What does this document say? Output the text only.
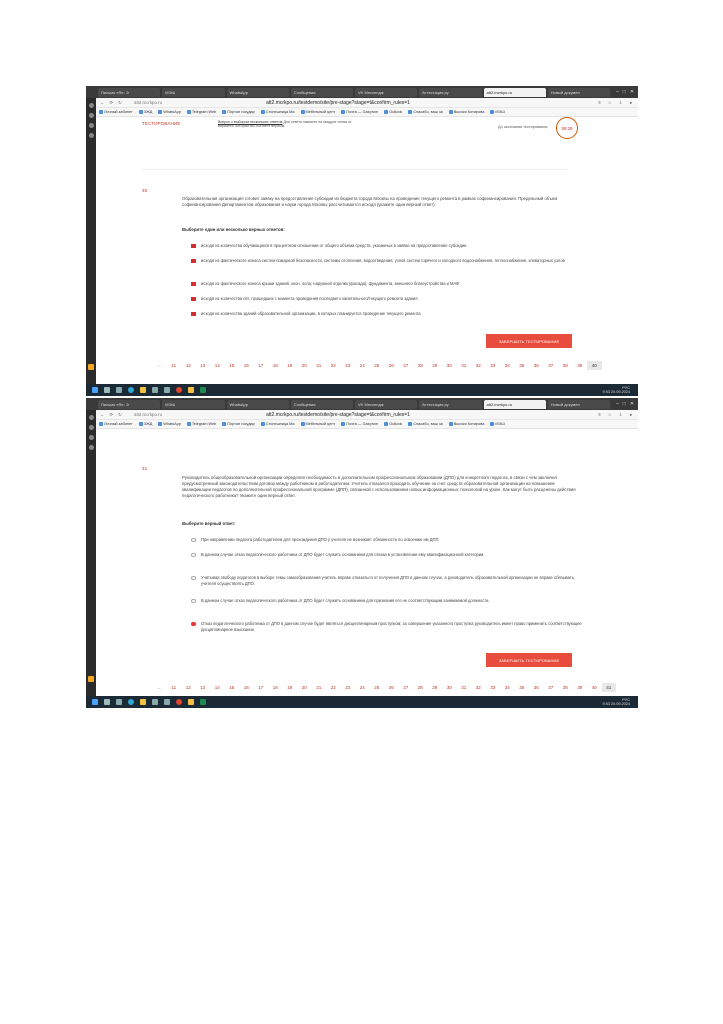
Письмо «Re: Э	МЭШ	WhatsApp	Сообщения	VK Мессендж	Аттестация ру	att2.mcrkpo.ru	Новый докумен	– □ ✕
← ⟳ ↻	att2.mcrkpo.ru	att2.mcrkpo.ru/testdemo/site/pre-stage?stage=t&confirm_rules=1	≡ ☆ ⇩ ●
Личный кабинет	ЭЖД	WhatsApp	Telegram Web	Портал государ	Столешница Ма	Мебельный цент	Почта — Gazprom	Outlook	Спасибо, ваш за	Высоко Котирова	МЭШ
ТЕСТИРОВАНИЕ	Вопрос с выбором нескольких ответов Для ответа нажмите на квадрат слева от варианта, который вы считаете верным.	До окончания тестирования	59:29
40
Образовательная организация готовит заявку на предоставление субсидии из бюджета города Москвы на проведение текущего ремонта в рамках софинансирования. Предельный объем софинансирования Департаментом образования и науки города Москвы рассчитывается исходя (укажите один верный ответ):
Выберите один или несколько верных ответов:
исходя из количества обучающихся в процентном отношении от общего объема средств, указанных в заявке на предоставление субсидии
исходя из фактического износа систем пожарной безопасности, системы отопления, водоотведения, узлов систем горячего и холодного водоснабжения, теплоснабжения, элеваторных узлов
исходя из фактического износа крыши зданий, окон, пола; наружной отделки (фасада), фундамента, внешнего благоустройства и МАФ
исходя из количества лет, прошедших с момента проведения последнего капитального/текущего ремонта здания
исходя из количества зданий образовательной организации, в которых планируется проведение текущего ремонта
ЗАВЕРШИТЬ ТЕСТИРОВАНИЕ
←	11	12	13	14	15	16	17	18	19	20	21	22	23	24	25	26	27	28	29	30	31	32	33	34	35	36	37	38	39	40
РУС
9:53 20.09.2024
Письмо «Re: Э	МЭШ	WhatsApp	Сообщения	VK Мессендж	Аттестация ру	att2.mcrkpo.ru	Новый докумен	– □ ✕
← ⟳ ↻	att2.mcrkpo.ru	att2.mcrkpo.ru/testdemo/site/pre-stage?stage=t&confirm_rules=1	≡ ☆ ⇩ ●
Личный кабинет	ЭЖД	WhatsApp	Telegram Web	Портал государ	Столешница Ма	Мебельный цент	Почта — Gazprom	Outlook	Спасибо, ваш за	Высоко Котирова	МЭШ
41
Руководитель общеобразовательной организации определил необходимость в дополнительном профессиональном образовании (ДПО) для конкретного педагога, в связи с чем заключил предусмотренный законодательством договор между работником и работодателем. Учитель отказался проходить обучение за счет средств образовательной организации на повышение квалификации педагогов по дополнительной профессиональной программе (ДПП), связанной с использованием новых информационных технологий на уроке. Как могут быть расценены действия педагогического работника? Укажите один верный ответ.
Выберите верный ответ:
При направлении педагога работодателем для прохождения ДПО у учителя не возникает обязанности по освоению им ДПП.
В данном случае отказ педагогического работника от ДПО будет служить основанием для отказа в установлении ему квалификационной категории.
Учитывая свободу педагогов в выборе темы самообразования учитель вправе отказаться от получения ДПО в данном случае, а руководитель образовательной организации не вправе обязывать учителя осуществлять ДПО.
В данном случае отказ педагогического работника от ДПО будет служить основанием для признания его не соответствующим занимаемой должности.
Отказ педагогического работника от ДПО в данном случае будет являться дисциплинарным проступком; за совершение указанного проступка руководитель имеет право применить соответствующее дисциплинарное взыскание.
ЗАВЕРШИТЬ ТЕСТИРОВАНИЕ
←	11	12	13	14	15	16	17	18	19	20	21	22	23	24	25	26	27	28	29	30	31	32	33	34	35	36	37	38	39	40	41
РУС
9:53 20.09.2024
